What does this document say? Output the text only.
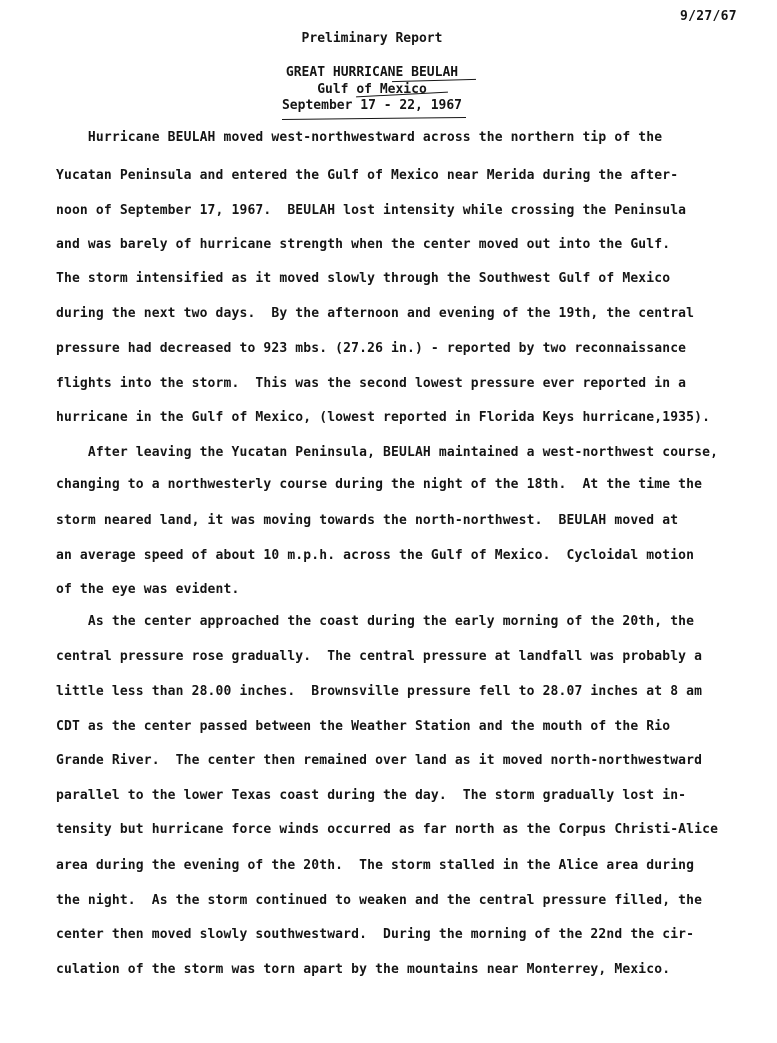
9/27/67
Preliminary Report
GREAT HURRICANE BEULAH
Gulf of Mexico
September 17 - 22, 1967
Hurricane BEULAH moved west-northwestward across the northern tip of the
Yucatan Peninsula and entered the Gulf of Mexico near Merida during the after-
noon of September 17, 1967.  BEULAH lost intensity while crossing the Peninsula
and was barely of hurricane strength when the center moved out into the Gulf.
The storm intensified as it moved slowly through the Southwest Gulf of Mexico
during the next two days.  By the afternoon and evening of the 19th, the central
pressure had decreased to 923 mbs. (27.26 in.) - reported by two reconnaissance
flights into the storm.  This was the second lowest pressure ever reported in a
hurricane in the Gulf of Mexico, (lowest reported in Florida Keys hurricane,1935).
After leaving the Yucatan Peninsula, BEULAH maintained a west-northwest course,
changing to a northwesterly course during the night of the 18th.  At the time the
storm neared land, it was moving towards the north-northwest.  BEULAH moved at
an average speed of about 10 m.p.h. across the Gulf of Mexico.  Cycloidal motion
of the eye was evident.
As the center approached the coast during the early morning of the 20th, the
central pressure rose gradually.  The central pressure at landfall was probably a
little less than 28.00 inches.  Brownsville pressure fell to 28.07 inches at 8 am
CDT as the center passed between the Weather Station and the mouth of the Rio
Grande River.  The center then remained over land as it moved north-northwestward
parallel to the lower Texas coast during the day.  The storm gradually lost in-
tensity but hurricane force winds occurred as far north as the Corpus Christi-Alice
area during the evening of the 20th.  The storm stalled in the Alice area during
the night.  As the storm continued to weaken and the central pressure filled, the
center then moved slowly southwestward.  During the morning of the 22nd the cir-
culation of the storm was torn apart by the mountains near Monterrey, Mexico.
